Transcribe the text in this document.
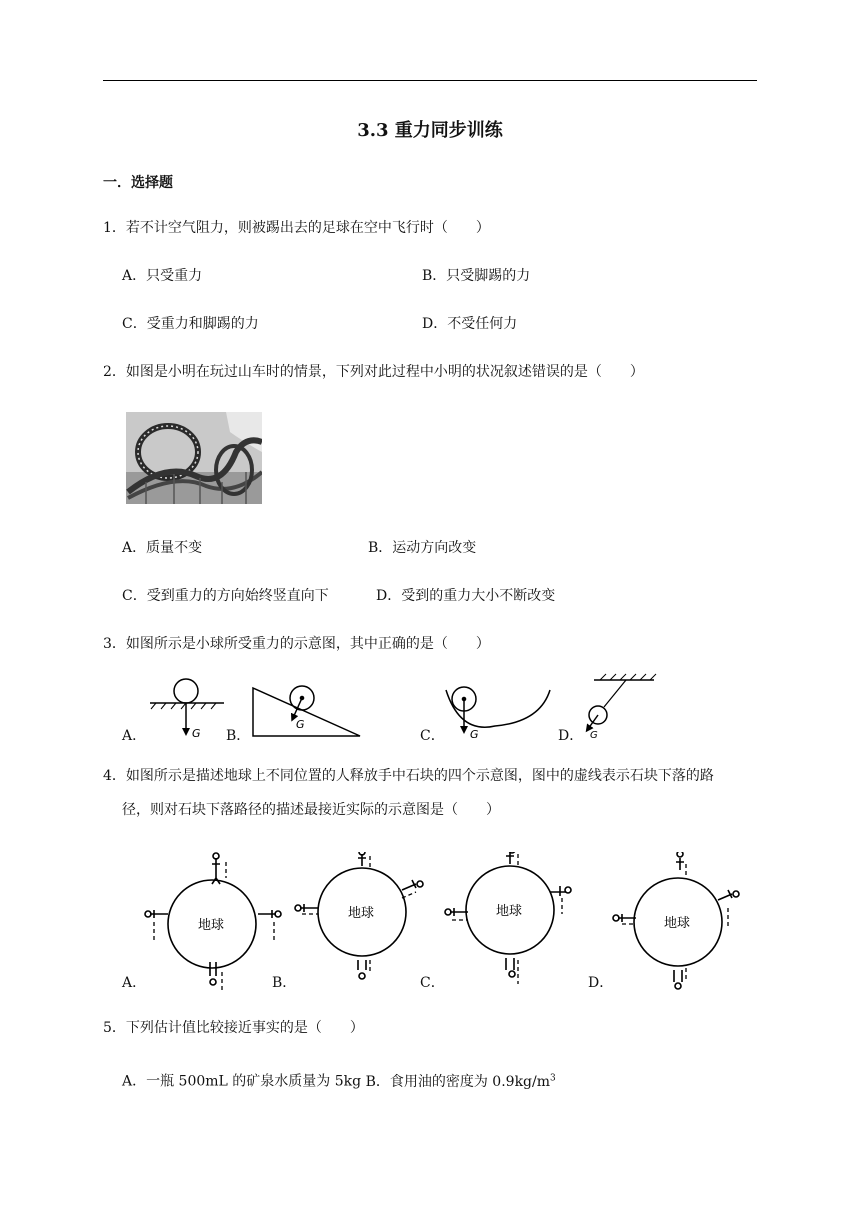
3.3 重力同步训练
一．选择题
1．若不计空气阻力，则被踢出去的足球在空中飞行时（　　）
A．只受重力	B．只受脚踢的力
C．受重力和脚踢的力	D．不受任何力
2．如图是小明在玩过山车时的情景，下列对此过程中小明的状况叙述错误的是（　　）
A．质量不变	B．运动方向改变
C．受到重力的方向始终竖直向下	D．受到的重力大小不断改变
3．如图所示是小球所受重力的示意图，其中正确的是（　　）
G
G
G	G
A．	B．	C．	D．
4．如图所示是描述地球上不同位置的人释放手中石块的四个示意图，图中的虚线表示石块下落的路
径，则对石块下落路径的描述最接近实际的示意图是（　　）
地球
地球	地球
地球
A．	B．	C．	D．
5．下列估计值比较接近事实的是（　　）
A．一瓶 500mL 的矿泉水质量为 5kg B．食用油的密度为 $0.9kg/m^3$
